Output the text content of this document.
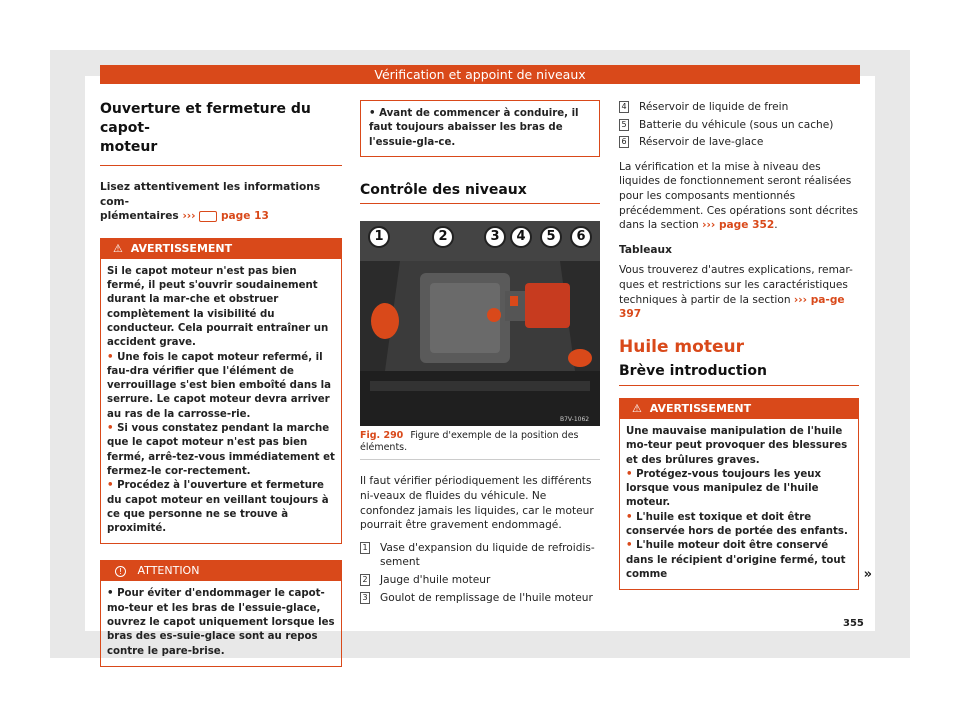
Vérification et appoint de niveaux
Ouverture et fermeture du capot-
moteur
Lisez attentivement les informations com-
plémentaires ››› page 13
⚠ AVERTISSEMENT
Si le capot moteur n'est pas bien fermé, il peut s'ouvrir soudainement durant la mar-che et obstruer complètement la visibilité du conducteur. Cela pourrait entraîner un accident grave.
• Une fois le capot moteur refermé, il fau-dra vérifier que l'élément de verrouillage s'est bien emboîté dans la serrure. Le capot moteur devra arriver au ras de la carrosse-rie.
• Si vous constatez pendant la marche que le capot moteur n'est pas bien fermé, arrê-tez-vous immédiatement et fermez-le cor-rectement.
• Procédez à l'ouverture et fermeture du capot moteur en veillant toujours à ce que personne ne se trouve à proximité.
! ATTENTION
• Pour éviter d'endommager le capot-mo-teur et les bras de l'essuie-glace, ouvrez le capot uniquement lorsque les bras des es-suie-glace sont au repos contre le pare-brise.
• Avant de commencer à conduire, il faut toujours abaisser les bras de l'essuie-gla-ce.
Contrôle des niveaux
B7V-1062
1	2	3	4	5	6
Fig. 290 Figure d'exemple de la position des éléments.
Il faut vérifier périodiquement les différents ni-veaux de fluides du véhicule. Ne confondez jamais les liquides, car le moteur pourrait être gravement endommagé.
1 Vase d'expansion du liquide de refroidis-sement
2 Jauge d'huile moteur
3 Goulot de remplissage de l'huile moteur
4 Réservoir de liquide de frein
5 Batterie du véhicule (sous un cache)
6 Réservoir de lave-glace
La vérification et la mise à niveau des liquides de fonctionnement seront réalisées pour les composants mentionnés précédemment. Ces opérations sont décrites dans la section ››› page 352.
Tableaux
Vous trouverez d'autres explications, remar-ques et restrictions sur les caractéristiques techniques à partir de la section ››› pa-ge 397
Huile moteur
Brève introduction
⚠ AVERTISSEMENT
Une mauvaise manipulation de l'huile mo-teur peut provoquer des blessures et des brûlures graves.
• Protégez-vous toujours les yeux lorsque vous manipulez de l'huile moteur.
• L'huile est toxique et doit être conservée hors de portée des enfants.
• L'huile moteur doit être conservé dans le récipient d'origine fermé, tout comme	»
355
